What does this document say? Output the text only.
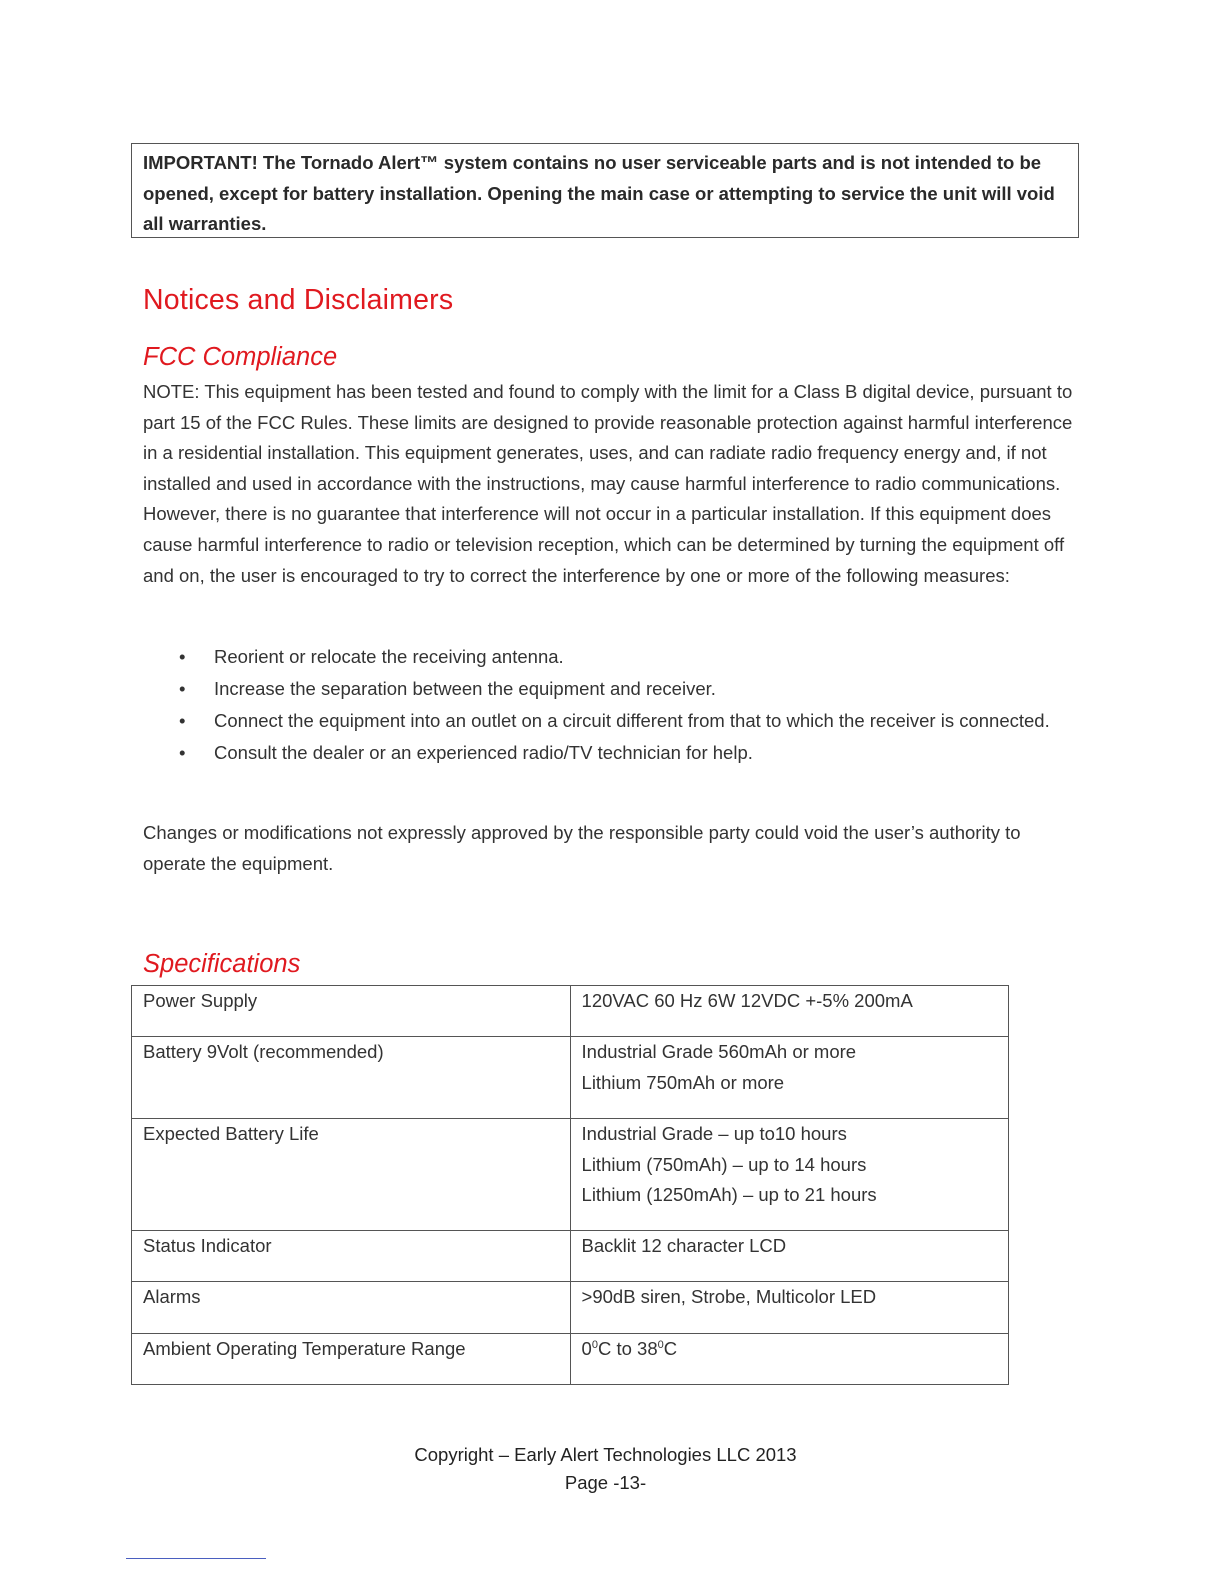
IMPORTANT! The Tornado Alert™ system contains no user serviceable parts and is not intended to be opened, except for battery installation. Opening the main case or attempting to service the unit will void all warranties.
Notices and Disclaimers
FCC Compliance

NOTE: This equipment has been tested and found to comply with the limit for a Class B digital device, pursuant to part 15 of the FCC Rules. These limits are designed to provide reasonable protection against harmful interference in a residential installation. This equipment generates, uses, and can radiate radio frequency energy and, if not installed and used in accordance with the instructions, may cause harmful interference to radio communications. However, there is no guarantee that interference will not occur in a particular installation. If this equipment does cause harmful interference to radio or television reception, which can be determined by turning the equipment off and on, the user is encouraged to try to correct the interference by one or more of the following measures:

• Reorient or relocate the receiving antenna.
• Increase the separation between the equipment and receiver.
• Connect the equipment into an outlet on a circuit different from that to which the receiver is connected.
• Consult the dealer or an experienced radio/TV technician for help.

Changes or modifications not expressly approved by the responsible party could void the user’s authority to operate the equipment.

Specifications
Power Supply	120VAC 60 Hz 6W 12VDC +-5% 200mA

Battery 9Volt (recommended)	Industrial Grade 560mAh or more
Lithium 750mAh or more

Expected Battery Life	Industrial Grade – up to10 hours
Lithium (750mAh) – up to 14 hours
Lithium (1250mAh) – up to 21 hours

Status Indicator	Backlit 12 character LCD

Alarms	>90dB siren, Strobe, Multicolor LED

Ambient Operating Temperature Range	$0^0C$ to $38^0C$
Copyright – Early Alert Technologies LLC 2013
Page -13-
